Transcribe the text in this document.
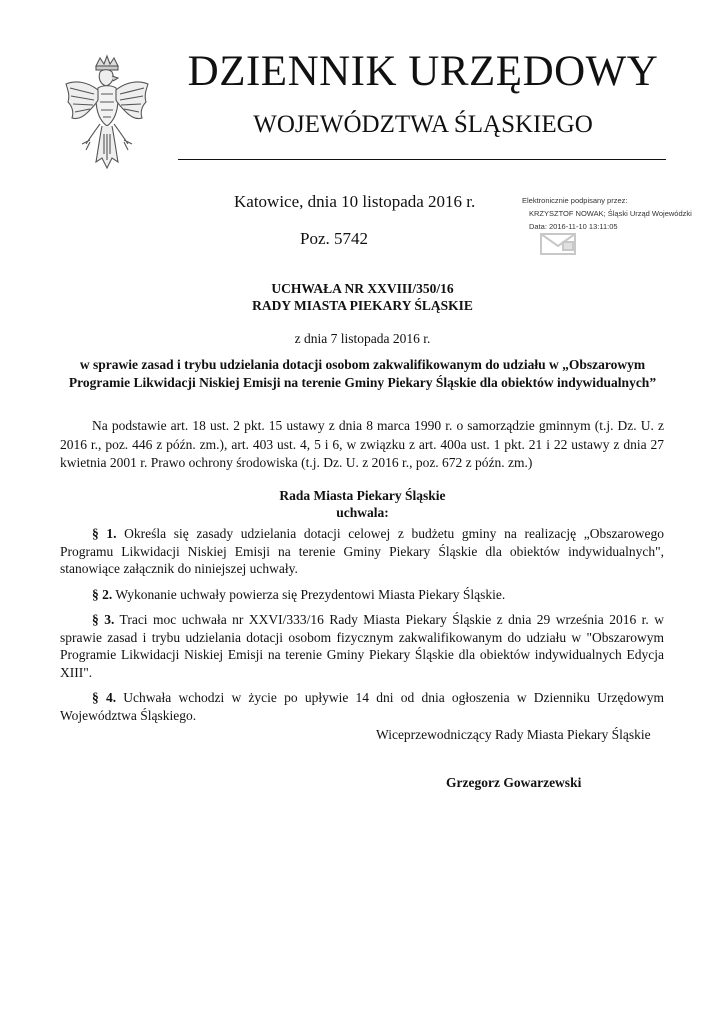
DZIENNIK URZĘDOWY
WOJEWÓDZTWA ŚLĄSKIEGO
Katowice, dnia 10 listopada 2016 r.
Poz. 5742
Elektronicznie podpisany przez:
KRZYSZTOF NOWAK; Śląski Urząd Wojewódzki
Data: 2016-11-10 13:11:05
UCHWAŁA NR XXVIII/350/16
RADY MIASTA PIEKARY ŚLĄSKIE
z dnia 7 listopada 2016 r.
w sprawie zasad i trybu udzielania dotacji osobom zakwalifikowanym do udziału w „Obszarowym Programie Likwidacji Niskiej Emisji na terenie Gminy Piekary Śląskie dla obiektów indywidualnych”
Na podstawie art. 18 ust. 2 pkt. 15 ustawy z dnia 8 marca 1990 r. o samorządzie gminnym (t.j. Dz. U. z 2016 r., poz. 446 z późn. zm.), art. 403 ust. 4, 5 i 6, w związku z art. 400a ust. 1 pkt. 21 i 22 ustawy z dnia 27 kwietnia 2001 r. Prawo ochrony środowiska (t.j. Dz. U. z 2016 r., poz. 672 z późn. zm.)
Rada Miasta Piekary Śląskie
uchwala:

§ 1. Określa się zasady udzielania dotacji celowej z budżetu gminy na realizację „Obszarowego Programu Likwidacji Niskiej Emisji na terenie Gminy Piekary Śląskie dla obiektów indywidualnych", stanowiące załącznik do niniejszej uchwały.

§ 2. Wykonanie uchwały powierza się Prezydentowi Miasta Piekary Śląskie.

§ 3. Traci moc uchwała nr XXVI/333/16 Rady Miasta Piekary Śląskie z dnia 29 września 2016 r. w sprawie zasad i trybu udzielania dotacji osobom fizycznym zakwalifikowanym do udziału w "Obszarowym Programie Likwidacji Niskiej Emisji na terenie Gminy Piekary Śląskie dla obiektów indywidualnych Edycja XIII".

§ 4. Uchwała wchodzi w życie po upływie 14 dni od dnia ogłoszenia w Dzienniku Urzędowym Województwa Śląskiego.

Wiceprzewodniczący Rady Miasta Piekary Śląskie
Grzegorz Gowarzewski
